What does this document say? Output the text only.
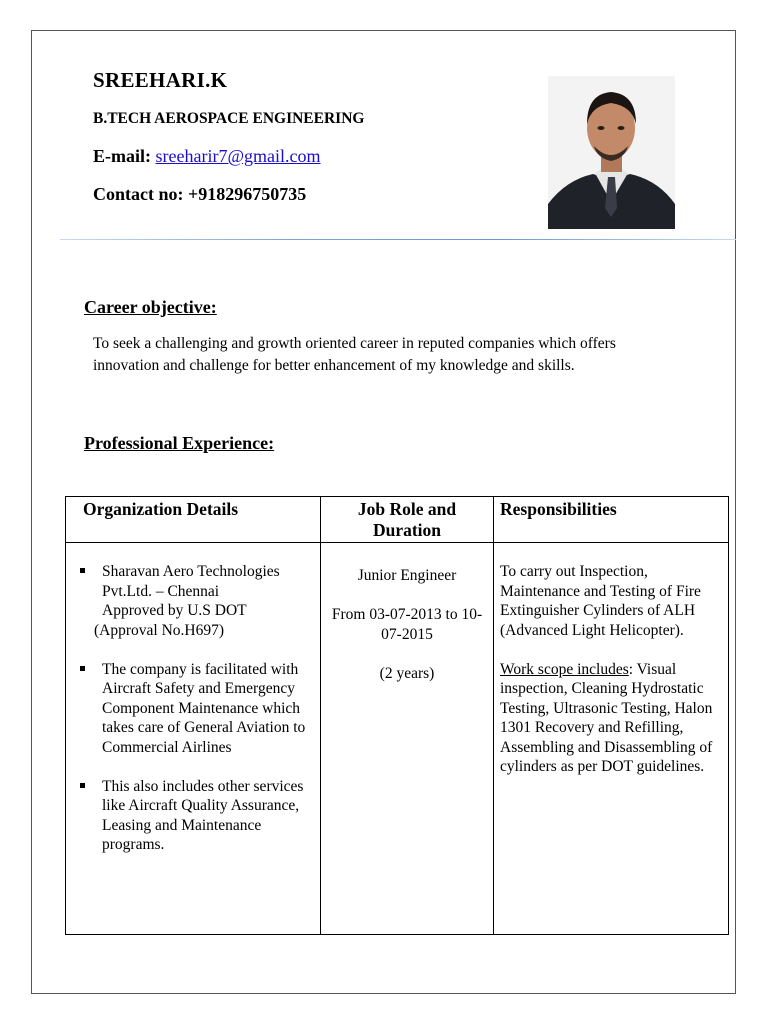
SREEHARI.K
B.TECH AEROSPACE ENGINEERING
E-mail: sreeharir7@gmail.com
Contact no: +918296750735
Career objective:
To seek a challenging and growth oriented career in reputed companies which offers innovation and challenge for better enhancement of my knowledge and skills.
Professional Experience:
Organization Details	Job Role and Duration
Responsibilities
Sharavan Aero Technologies Pvt.Ltd. – Chennai
Approved by U.S DOT
(Approval No.H697)
The company is facilitated with Aircraft Safety and Emergency Component Maintenance which takes care of General Aviation to Commercial Airlines
This also includes other services like Aircraft Quality Assurance, Leasing and Maintenance programs.

Junior Engineer

From 03-07-2013 to 10-07-2015

(2 years)

To carry out Inspection, Maintenance and Testing of Fire Extinguisher Cylinders of ALH (Advanced Light Helicopter).

Work scope includes: Visual inspection, Cleaning Hydrostatic Testing, Ultrasonic Testing, Halon 1301 Recovery and Refilling, Assembling and Disassembling of cylinders as per DOT guidelines.
